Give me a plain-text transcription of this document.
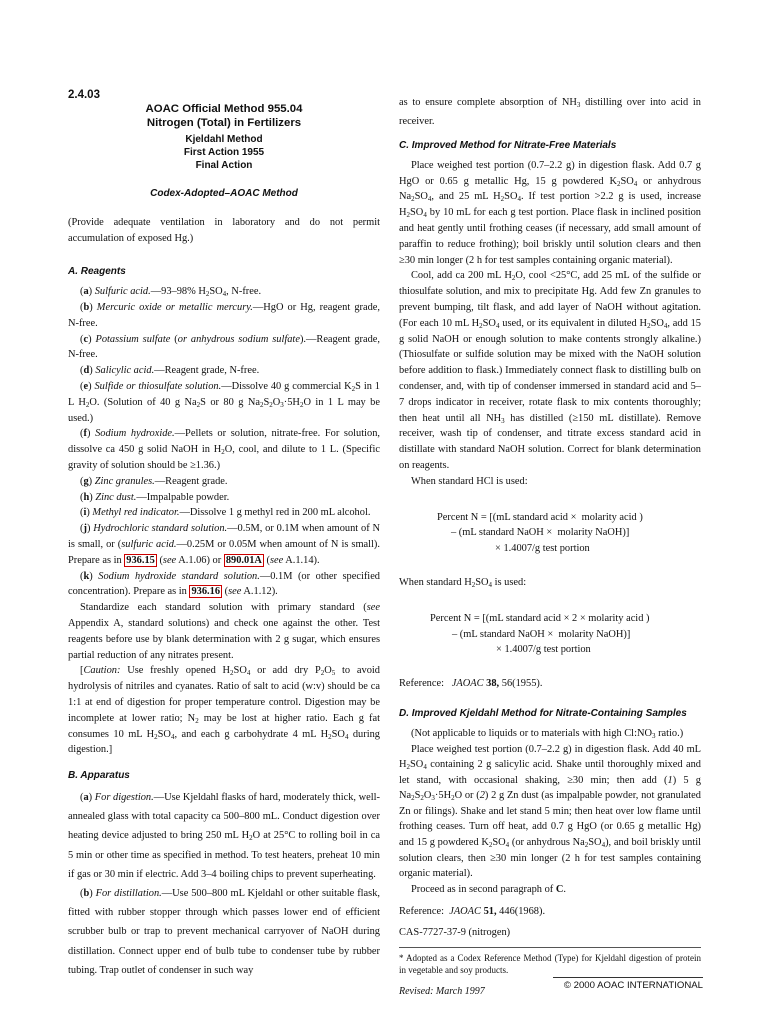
2.4.03
AOAC Official Method 955.04
Nitrogen (Total) in Fertilizers
Kjeldahl Method
First Action 1955
Final Action
Codex-Adopted–AOAC Method

(Provide adequate ventilation in laboratory and do not permit accumulation of exposed Hg.)

A. Reagents

(a) Sulfuric acid.—93–98% $H_2SO_4$, N-free.

(b) Mercuric oxide or metallic mercury.—HgO or Hg, reagent grade, N-free.

(c) Potassium sulfate (or anhydrous sodium sulfate).—Reagent grade, N-free.

(d) Salicylic acid.—Reagent grade, N-free.

(e) Sulfide or thiosulfate solution.—Dissolve 40 g commercial $K_2S$ in 1 L $H_2O$. (Solution of 40 g $Na_2S$ or 80 g $Na_2S_2O_3\cdot 5H_2O$ in 1 L may be used.)

(f) Sodium hydroxide.—Pellets or solution, nitrate-free. For solution, dissolve ca 450 g solid NaOH in $H_2O$, cool, and dilute to 1 L. (Specific gravity of solution should be ≥1.36.)

(g) Zinc granules.—Reagent grade.

(h) Zinc dust.—Impalpable powder.

(i) Methyl red indicator.—Dissolve 1 g methyl red in 200 mL alcohol.

(j) Hydrochloric standard solution.—0.5M, or 0.1M when amount of N is small, or (sulfuric acid.—0.25M or 0.05M when amount of N is small). Prepare as in 936.15 (see A.1.06) or 890.01A (see A.1.14).

(k) Sodium hydroxide standard solution.—0.1M (or other specified concentration). Prepare as in 936.16 (see A.1.12).

Standardize each standard solution with primary standard (see Appendix A, standard solutions) and check one against the other. Test reagents before use by blank determination with 2 g sugar, which ensures partial reduction of any nitrates present.

[Caution: Use freshly opened $H_2SO_4$ or add dry $P_2O_5$ to avoid hydrolysis of nitriles and cyanates. Ratio of salt to acid (w:v) should be ca 1:1 at end of digestion for proper temperature control. Digestion may be incomplete at lower ratio; $N_2$ may be lost at higher ratio. Each g fat consumes 10 mL $H_2SO_4$, and each g carbohydrate 4 mL $H_2SO_4$ during digestion.]

B. Apparatus

(a) For digestion.—Use Kjeldahl flasks of hard, moderately thick, well-annealed glass with total capacity ca 500–800 mL. Conduct digestion over heating device adjusted to bring 250 mL $H_2O$ at 25°C to rolling boil in ca 5 min or other time as specified in method. To test heaters, preheat 10 min if gas or 30 min if electric. Add 3–4 boiling chips to prevent superheating.

(b) For distillation.—Use 500–800 mL Kjeldahl or other suitable flask, fitted with rubber stopper through which passes lower end of efficient scrubber bulb or trap to prevent mechanical carryover of NaOH during distillation. Connect upper end of bulb tube to condenser tube by rubber tubing. Trap outlet of condenser in such way

as to ensure complete absorption of $NH_3$ distilling over into acid in receiver.

C. Improved Method for Nitrate-Free Materials

Place weighed test portion (0.7–2.2 g) in digestion flask. Add 0.7 g HgO or 0.65 g metallic Hg, 15 g powdered $K_2SO_4$ or anhydrous $Na_2SO_4$, and 25 mL $H_2SO_4$. If test portion >2.2 g is used, increase $H_2SO_4$ by 10 mL for each g test portion. Place flask in inclined position and heat gently until frothing ceases (if necessary, add small amount of paraffin to reduce frothing); boil briskly until solution clears and then ≥30 min longer (2 h for test samples containing organic material).

Cool, add ca 200 mL $H_2O$, cool <25°C, add 25 mL of the sulfide or thiosulfate solution, and mix to precipitate Hg. Add few Zn granules to prevent bumping, tilt flask, and add layer of NaOH without agitation. (For each 10 mL $H_2SO_4$ used, or its equivalent in diluted $H_2SO_4$, add 15 g solid NaOH or enough solution to make contents strongly alkaline.) (Thiosulfate or sulfide solution may be mixed with the NaOH solution before addition to flask.) Immediately connect flask to distilling bulb on condenser, and, with tip of condenser immersed in standard acid and 5–7 drops indicator in receiver, rotate flask to mix contents thoroughly; then heat until all $NH_3$ has distilled (≥150 mL distillate). Remove receiver, wash tip of condenser, and titrate excess standard acid in distillate with standard NaOH solution. Correct for blank determination on reagents.

When standard HCl is used:

Percent N = [(mL standard acid ×  molarity acid )
– (mL standard NaOH ×  molarity NaOH)]
× 1.4007/g test portion

When standard $H_2SO_4$ is used:

Percent N = [(mL standard acid × 2 × molarity acid )
– (mL standard NaOH ×  molarity NaOH)]
× 1.4007/g test portion

Reference:   JAOAC 38, 56(1955).

D. Improved Kjeldahl Method for Nitrate-Containing Samples

(Not applicable to liquids or to materials with high $Cl:NO_3$ ratio.)

Place weighed test portion (0.7–2.2 g) in digestion flask. Add 40 mL $H_2SO_4$ containing 2 g salicylic acid. Shake until thoroughly mixed and let stand, with occasional shaking, ≥30 min; then add (1) 5 g $Na_2S_2O_3\cdot 5H_2O$ or (2) 2 g Zn dust (as impalpable powder, not granulated Zn or filings). Shake and let stand 5 min; then heat over low flame until frothing ceases. Turn off heat, add 0.7 g HgO (or 0.65 g metallic Hg) and 15 g powdered $K_2SO_4$ (or anhydrous $Na_2SO_4$), and boil briskly until solution clears, then ≥30 min longer (2 h for test samples containing organic material).

Proceed as in second paragraph of C.

Reference:  JAOAC 51, 446(1968).

CAS-7727-37-9 (nitrogen)

* Adopted as a Codex Reference Method (Type) for Kjeldahl digestion of protein in vegetable and soy products.

Revised: March 1997

© 2000 AOAC INTERNATIONAL
